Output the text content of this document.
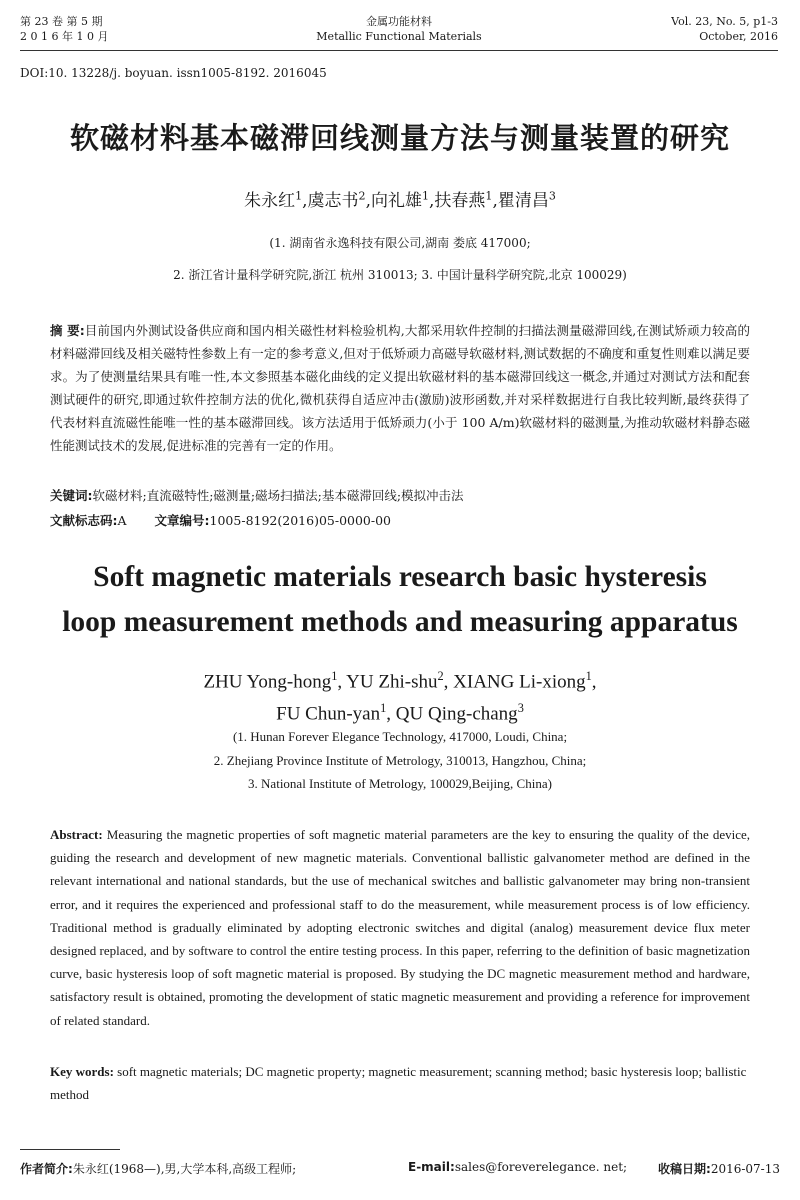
第 23 卷 第 5 期
2 0 1 6 年 1 0 月
金属功能材料
Metallic Functional Materials
Vol. 23, No. 5, p1-3
October, 2016
DOI:10. 13228/j. boyuan. issn1005-8192. 2016045
软磁材料基本磁滞回线测量方法与测量装置的研究
朱永红$^1$,虞志书$^2$,向礼雄$^1$,扶春燕$^1$,瞿清昌$^3$
(1. 湖南省永逸科技有限公司,湖南 娄底 417000;
2. 浙江省计量科学研究院,浙江 杭州 310013; 3. 中国计量科学研究院,北京 100029)
摘 要:目前国内外测试设备供应商和国内相关磁性材料检验机构,大都采用软件控制的扫描法测量磁滞回线,在测试矫顽力较高的材料磁滞回线及相关磁特性参数上有一定的参考意义,但对于低矫顽力高磁导软磁材料,测试数据的不确度和重复性则难以满足要求。为了使测量结果具有唯一性,本文参照基本磁化曲线的定义提出软磁材料的基本磁滞回线这一概念,并通过对测试方法和配套测试硬件的研究,即通过软件控制方法的优化,微机获得自适应冲击(激励)波形函数,并对采样数据进行自我比较判断,最终获得了代表材料直流磁性能唯一性的基本磁滞回线。该方法适用于低矫顽力(小于 100 A/m)软磁材料的磁测量,为推动软磁材料静态磁性能测试技术的发展,促进标准的完善有一定的作用。
关键词:软磁材料;直流磁特性;磁测量;磁场扫描法;基本磁滞回线;模拟冲击法
文献标志码:A 文章编号:1005-8192(2016)05-0000-00
Soft magnetic materials research basic hysteresis
loop measurement methods and measuring apparatus
ZHU Yong-hong$^1$, YU Zhi-shu$^2$, XIANG Li-xiong$^1$,
FU Chun-yan$^1$, QU Qing-chang$^3$
(1. Hunan Forever Elegance Technology, 417000, Loudi, China;
2. Zhejiang Province Institute of Metrology, 310013, Hangzhou, China;
3. National Institute of Metrology, 100029,Beijing, China)
Abstract: Measuring the magnetic properties of soft magnetic material parameters are the key to ensuring the quality of the device, guiding the research and development of new magnetic materials. Conventional ballistic galvanometer method are defined in the relevant international and national standards, but the use of mechanical switches and ballistic galvanometer may bring non-transient error, and it requires the experienced and professional staff to do the measurement, while measurement process is of low efficiency. Traditional method is gradually eliminated by adopting electronic switches and digital (analog) measurement device flux meter designed replaced, and by software to control the entire testing process. In this paper, referring to the definition of basic magnetization curve, basic hysteresis loop of soft magnetic material is proposed. By studying the DC magnetic measurement method and hardware, satisfactory result is obtained, promoting the development of static magnetic measurement and providing a reference for improvement of related standard.
Key words: soft magnetic materials; DC magnetic property; magnetic measurement; scanning method; basic hysteresis loop; ballistic method
作者简介:朱永红(1968—),男,大学本科,高级工程师;	E-mail:sales@foreverelegance. net;	收稿日期:2016-07-13
